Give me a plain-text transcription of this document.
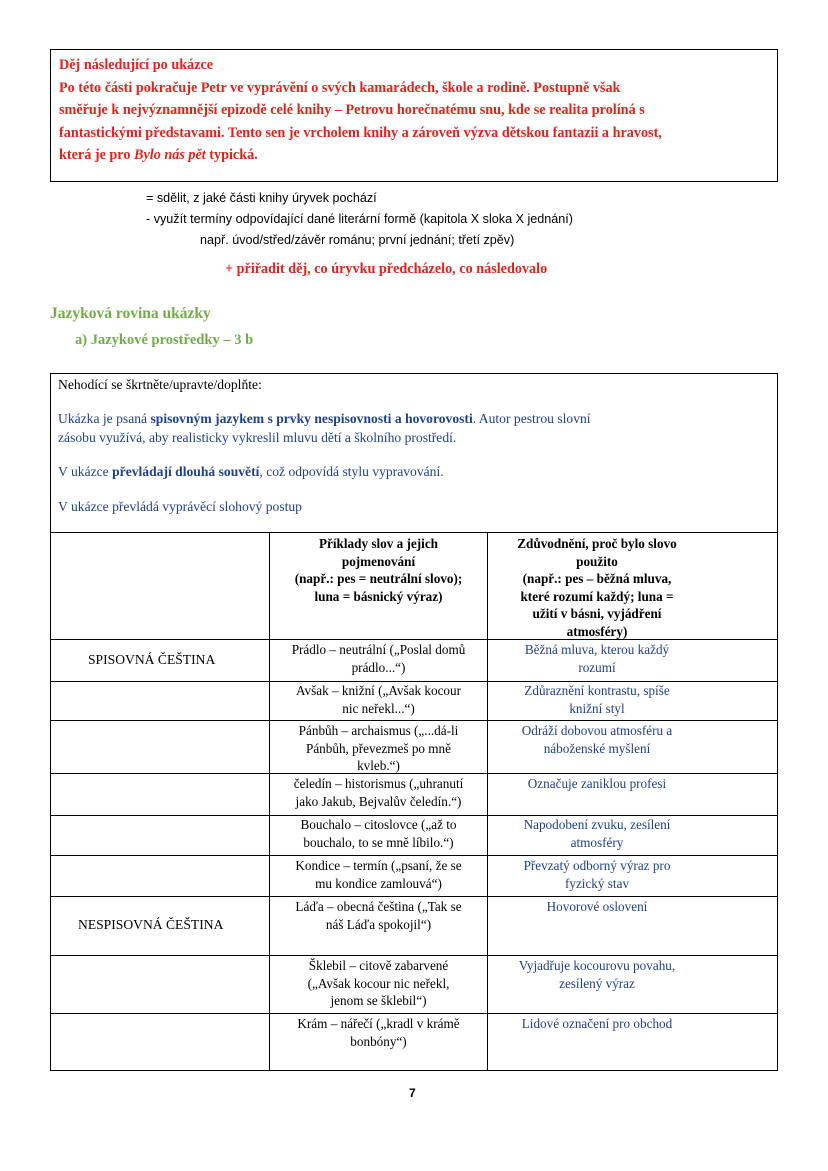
Děj následující po ukázce

Po této části pokračuje Petr ve vyprávění o svých kamarádech, škole a rodině. Postupně však

směřuje k nejvýznamnější epizodě celé knihy – Petrovu horečnatému snu, kde se realita prolíná s

fantastickými představami. Tento sen je vrcholem knihy a zároveň výzva dětskou fantazii a hravost,

která je pro Bylo nás pět typická.

= sdělit, z jaké části knihy úryvek pochází
- využít termíny odpovídající dané literární formě (kapitola X sloka X jednání)
např. úvod/střed/závěr románu; první jednání; třetí zpěv)
+ přiřadit děj, co úryvku předcházelo, co následovalo
Jazyková rovina ukázky
a) Jazykové prostředky – 3 b
Nehodící se škrtněte/upravte/doplňte:
Ukázka je psaná spisovným jazykem s prvky nespisovnosti a hovorovosti. Autor pestrou slovní
zásobu využívá, aby realisticky vykreslil mluvu dětí a školního prostředí.
V ukázce převládají dlouhá souvětí, což odpovídá stylu vypravování.
V ukázce převládá vyprávěcí slohový postup
Příklady slov a jejich
pojmenování
(např.: pes = neutrální slovo);
luna = básnický výraz)
Zdůvodnění, proč bylo slovo
použito
(např.: pes – běžná mluva,
které rozumí každý; luna =
užití v básni, vyjádření
atmosféry)
SPISOVNÁ ČEŠTINA
NESPISOVNÁ ČEŠTINA
Prádlo – neutrální („Poslal domů
prádlo...“)
Běžná mluva, kterou každý
rozumí
Avšak – knižní („Avšak kocour
nic neřekl...“)
Zdůraznění kontrastu, spíše
knižní styl
Pánbůh – archaismus („...dá-li
Pánbůh, převezmeš po mně
kvleb.“)
Odráží dobovou atmosféru a
náboženské myšlení
čeledín – historismus („uhranutí
jako Jakub, Bejvalův čeledín.“)
Označuje zaniklou profesi
Bouchalo – citoslovce („až to
bouchalo, to se mně líbilo.“)
Napodobení zvuku, zesílení
atmosféry
Kondice – termín („psaní, že se
mu kondice zamlouvá“)
Převzatý odborný výraz pro
fyzický stav
Láďa – obecná čeština („Tak se
náš Láďa spokojil“)
Hovorové oslovení
Šklebil – citově zabarvené
(„Avšak kocour nic neřekl,
jenom se šklebil“)
Vyjadřuje kocourovu povahu,
zesílený výraz
Krám – nářečí („kradl v krámě
bonbóny“)
Lidové označení pro obchod
7
